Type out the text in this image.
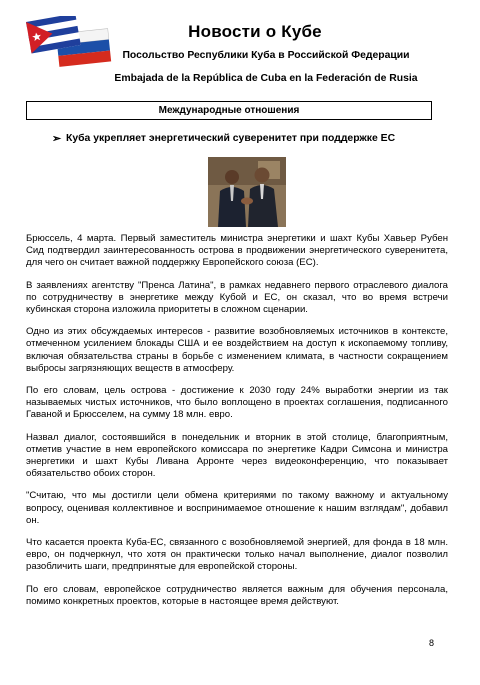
Новости о Кубе
Посольство Республики Куба в Российской Федерации
Embajada de la República de Cuba en la Federación de Rusia
Международные отношения
➢ Куба укрепляет энергетический суверенитет при поддержке ЕС

Брюссель, 4 марта. Первый заместитель министра энергетики и шахт Кубы Хавьер Рубен Сид подтвердил заинтересованность острова в продвижении энергетического суверенитета, для чего он считает важной поддержку Европейского союза (ЕС).

В заявлениях агентству "Пренса Латина", в рамках недавнего первого отраслевого диалога по сотрудничеству в энергетике между Кубой и ЕС, он сказал, что во время встречи кубинская сторона изложила приоритеты в сложном сценарии.

Одно из этих обсуждаемых интересов - развитие возобновляемых источников в контексте, отмеченном усилением блокады США и ее воздействием на доступ к ископаемому топливу, включая обязательства страны в борьбе с изменением климата, в частности сокращением выбросы загрязняющих веществ в атмосферу.

По его словам, цель острова - достижение к 2030 году 24% выработки энергии из так называемых чистых источников, что было воплощено в проектах соглашения, подписанного Гаваной и Брюсселем, на сумму 18 млн. евро.

Назвал диалог, состоявшийся в понедельник и вторник в этой столице, благоприятным, отметив участие в нем европейского комиссара по энергетике Кадри Симсона и министра энергетики и шахт Кубы Ливана Арронте через видеоконференцию, что показывает обязательство обоих сторон.

"Считаю, что мы достигли цели обмена критериями по такому важному и актуальному вопросу, оценивая коллективное и воспринимаемое отношение к нашим взглядам", добавил он.

Что касается проекта Куба-ЕС, связанного с возобновляемой энергией, для фонда в 18 млн. евро, он подчеркнул, что хотя он практически только начал выполнение, диалог позволил разобличить шаги, предпринятые для европейской стороны.

По его словам, европейское сотрудничество является важным для обучения персонала, помимо конкретных проектов, которые в настоящее время действуют.

8
